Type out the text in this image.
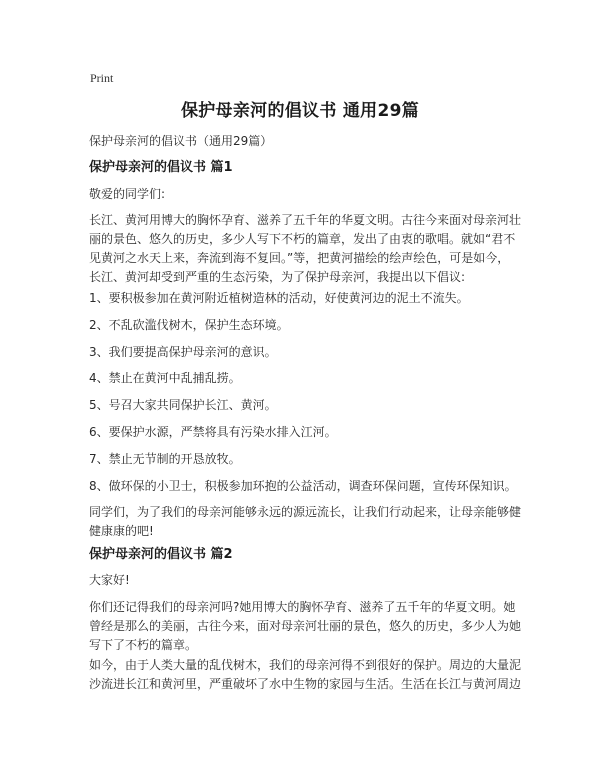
Print
保护母亲河的倡议书 通用29篇
保护母亲河的倡议书（通用29篇）
保护母亲河的倡议书 篇1
敬爱的同学们:
长江、黄河用博大的胸怀孕育、滋养了五千年的华夏文明。古往今来面对母亲河壮
丽的景色、悠久的历史，多少人写下不朽的篇章，发出了由衷的歌唱。就如“君不
见黄河之水天上来，奔流到海不复回。”等，把黄河描绘的绘声绘色，可是如今，
长江、黄河却受到严重的生态污染，为了保护母亲河，我提出以下倡议:
1、要积极参加在黄河附近植树造林的活动，好使黄河边的泥土不流失。
2、不乱砍滥伐树木，保护生态环境。
3、我们要提高保护母亲河的意识。
4、禁止在黄河中乱捕乱捞。
5、号召大家共同保护长江、黄河。
6、要保护水源，严禁将具有污染水排入江河。
7、禁止无节制的开恳放牧。
8、做环保的小卫士，积极参加环抱的公益活动，调查环保问题，宣传环保知识。
同学们，为了我们的母亲河能够永远的源远流长，让我们行动起来，让母亲能够健
健康康的吧!
保护母亲河的倡议书 篇2
大家好!
你们还记得我们的母亲河吗?她用博大的胸怀孕育、滋养了五千年的华夏文明。她
曾经是那么的美丽，古往今来，面对母亲河壮丽的景色，悠久的历史，多少人为她
写下了不朽的篇章。
如今，由于人类大量的乱伐树木，我们的母亲河得不到很好的保护。周边的大量泥
沙流进长江和黄河里，严重破坏了水中生物的家园与生活。生活在长江与黄河周边
